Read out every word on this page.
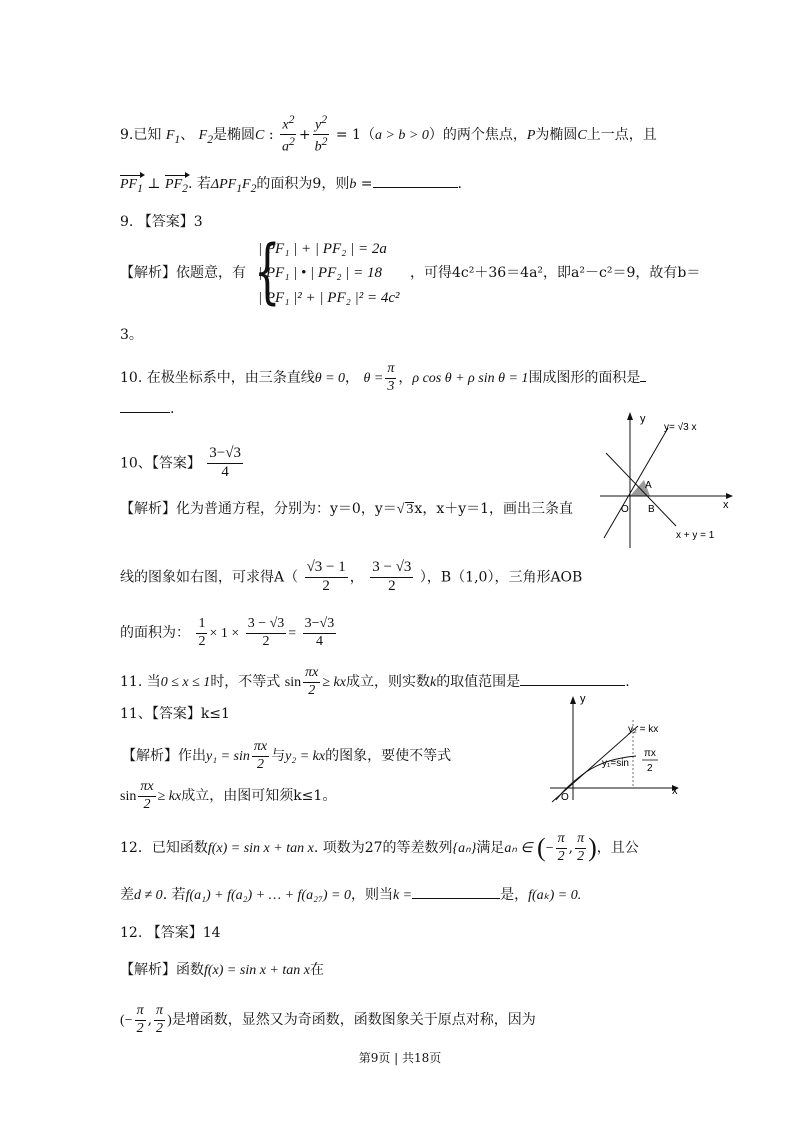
9.已知 $F_1$、 $F_2$是椭圆C : $\frac{x^2}{a^2} + \frac{y^2}{b^2} = 1(a > b > 0)$的两个焦点，P为椭圆C上一点，且
$PF_1$ ⊥ $PF_2$. 若$\Delta PF_1F_2$的面积为9，则b =	.
9. 【答案】3
【解析】依题意，有 {
| PF₁ | + | PF₂ | = 2a
| PF₁ | • | PF₂ | = 18
| PF₁ |² + | PF₂ |² = 4c²
，可得4c²＋36＝4a²，即a²－c²＝9，故有b＝
3。
10. 在极坐标系中，由三条直线θ = 0， $\theta = \frac{\pi}{3}$ ，ρ cos θ + ρ sin θ = 1围成图形的面积是
.
10、【答案】 $\frac{3-√3}{4}$
【解析】化为普通方程，分别为：y＝0，y＝√ 3x，x＋y＝1，画出三条直
线的图象如右图，可求得$A( \frac{√3 - 1}{2}$ ， $\frac{3 - √3}{2}$ ），B（1,0），三角形AOB
的面积为： $\frac{1}{2} \times 1 \times \frac{3 - √3}{2} = \frac{3-√3}{4}$
y
y= √3 x
A
x
O B
x + y = 1
11. 当0 ≤ x ≤ 1时，不等式 $\sin \frac{\pi x}{2}$ ≥ kx成立，则实数k的取值范围是	.
11、【答案】k≤1
【解析】作出$y_1 = \sin \frac{\pi x}{2}$ 与y₂ = kx的图象，要使不等式
$\sin \frac{\pi x}{2}$ ≥ kx成立，由图可知须k≤1。
y
y₂ = kx
y₁=sin
πx
2
O
x
12．已知函数f(x) = sin x + tan x. 项数为27的等差数列{aₙ}满足aₙ ∈ (− $\frac{\pi}{2}$ , $\frac{\pi}{2}$ )，且公
差d ≠ 0. 若f(a₁) + f(a₂) + … + f(a₂₇) = 0，则当k =	是，f(aₖ) = 0.
12. 【答案】14
【解析】函数f(x) = sin x + tan x在
(− $\frac{\pi}{2}$ , $\frac{\pi}{2}$ )是增函数，显然又为奇函数，函数图象关于原点对称，因为
第9页 | 共18页
